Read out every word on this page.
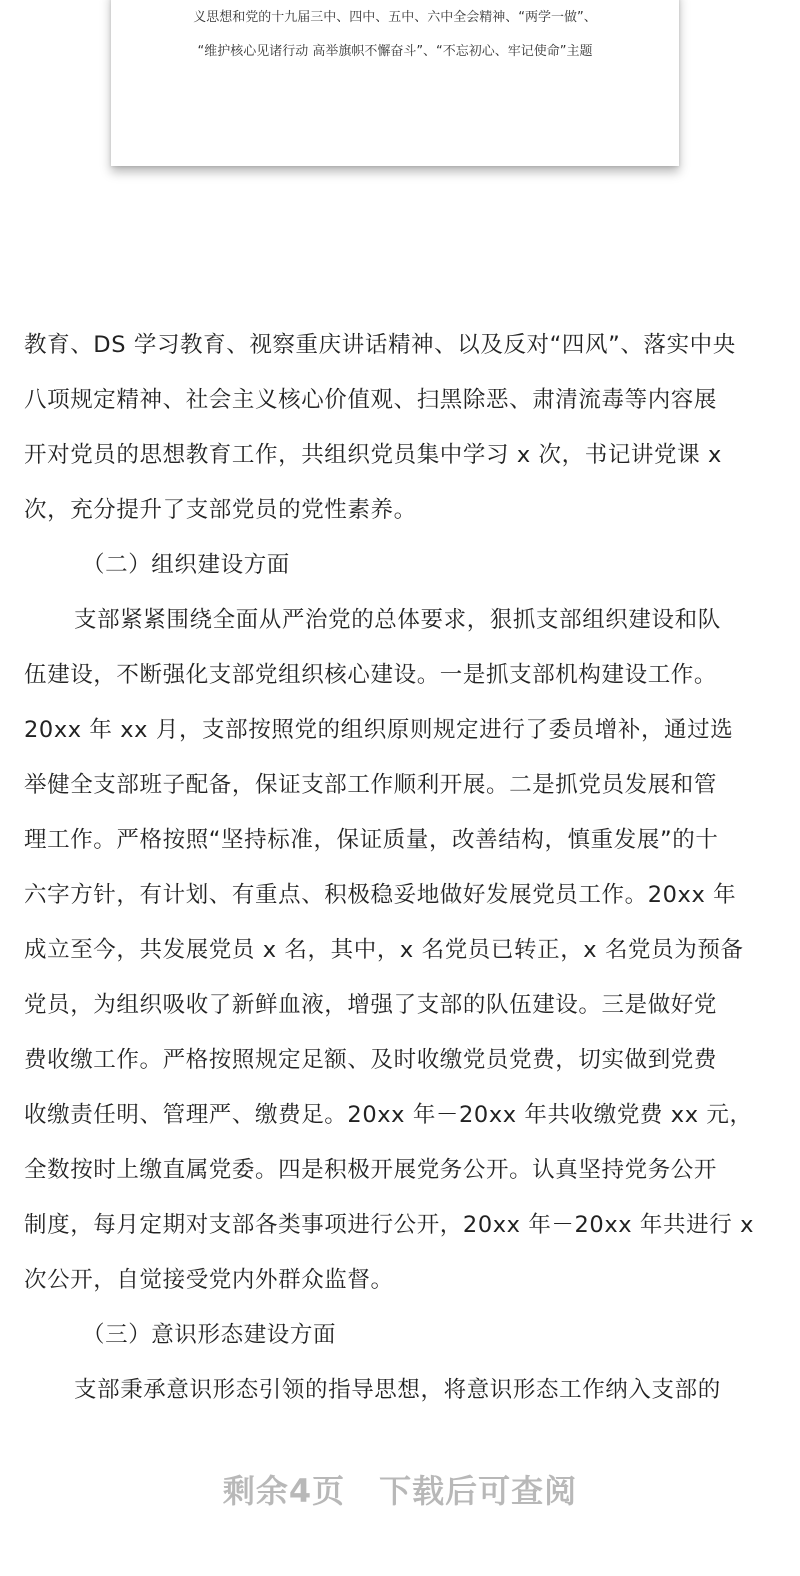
义思想和党的十九届三中、四中、五中、六中全会精神、“两学一做”、
“维护核心见诸行动 高举旗帜不懈奋斗”、“不忘初心、牢记使命”主题
教育、DS 学习教育、视察重庆讲话精神、以及反对“四风”、落实中央
八项规定精神、社会主义核心价值观、扫黑除恶、肃清流毒等内容展
开对党员的思想教育工作，共组织党员集中学习 x 次，书记讲党课 x
次，充分提升了支部党员的党性素养。
（二）组织建设方面
支部紧紧围绕全面从严治党的总体要求，狠抓支部组织建设和队
伍建设，不断强化支部党组织核心建设。一是抓支部机构建设工作。
20xx 年 xx 月，支部按照党的组织原则规定进行了委员增补，通过选
举健全支部班子配备，保证支部工作顺利开展。二是抓党员发展和管
理工作。严格按照“坚持标准，保证质量，改善结构，慎重发展”的十
六字方针，有计划、有重点、积极稳妥地做好发展党员工作。20xx 年
成立至今，共发展党员 x 名，其中，x 名党员已转正，x 名党员为预备
党员，为组织吸收了新鲜血液，增强了支部的队伍建设。三是做好党
费收缴工作。严格按照规定足额、及时收缴党员党费，切实做到党费
收缴责任明、管理严、缴费足。20xx 年－20xx 年共收缴党费 xx 元，
全数按时上缴直属党委。四是积极开展党务公开。认真坚持党务公开
制度，每月定期对支部各类事项进行公开，20xx 年－20xx 年共进行 x
次公开，自觉接受党内外群众监督。
（三）意识形态建设方面
支部秉承意识形态引领的指导思想，将意识形态工作纳入支部的
剩余4页 下载后可查阅
